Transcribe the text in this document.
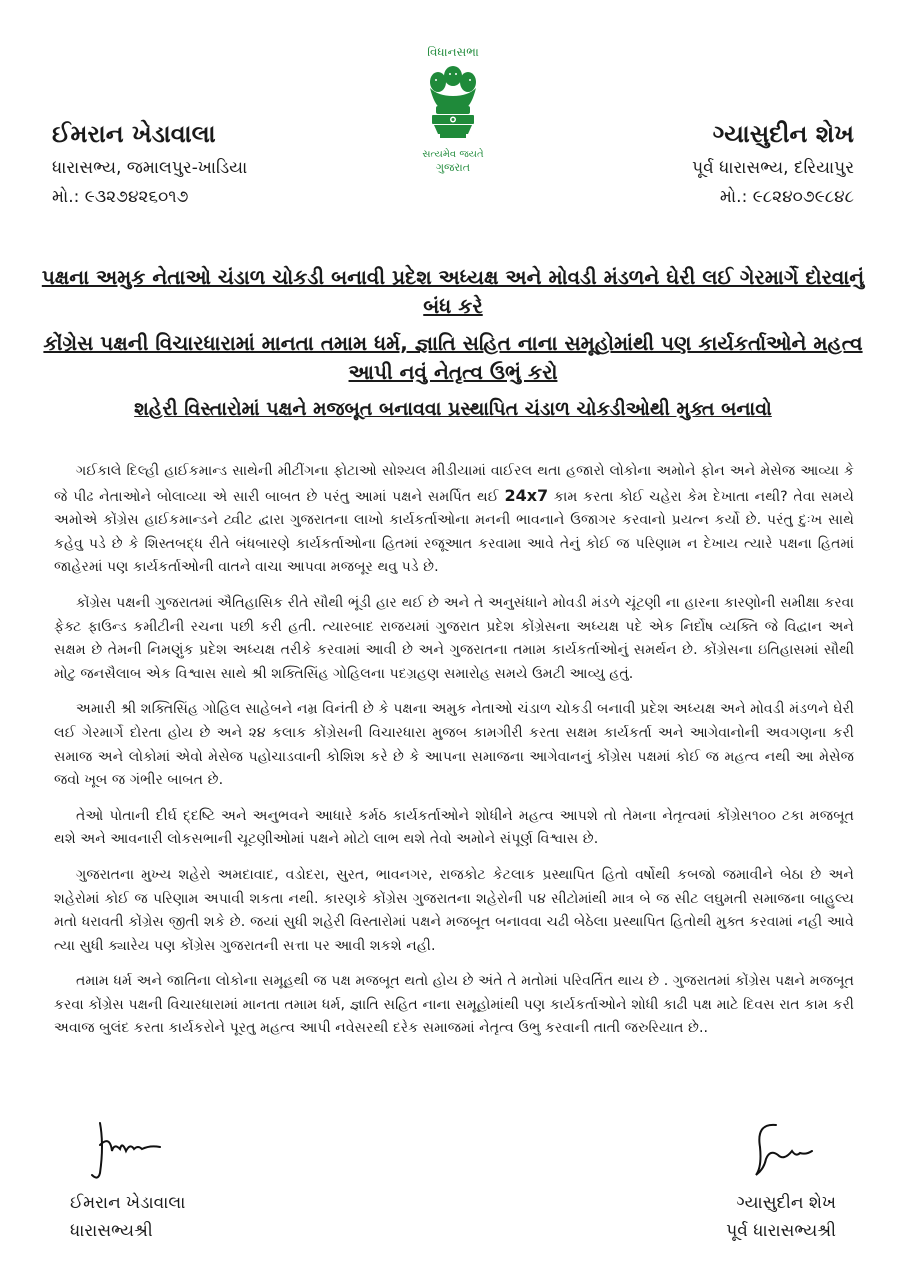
ઈમરાન ખેડાવાલા
ધારાસભ્ય, જમાલપુર-ખાડિયા
મો.: ૯૩૨૭૪૨૬૦૧૭
વિધાનસભા
સત્યમેવ જયતે
ગુજરાત
ગ્યાસુદીન શેખ
પૂર્વ ધારાસભ્ય, દરિયાપુર
મો.: ૯૮૨૪૦૭૯૮૪૮
પક્ષના અમુક નેતાઓ ચંડાળ ચોકડી બનાવી પ્રદેશ અધ્યક્ષ અને મોવડી મંડળને ઘેરી લઈ ગેરમાર્ગે દોરવાનું બંધ કરે
કોંગ્રેસ પક્ષની વિચારધારામાં માનતા તમામ ધર્મ, જ્ઞાતિ સહિત નાના સમૂહોમાંથી પણ કાર્યકર્તાઓને મહત્વ આપી નવું નેતૃત્વ ઉભું કરો
શહેરી વિસ્તારોમાં પક્ષને મજબૂત બનાવવા પ્રસ્થાપિત ચંડાળ ચોકડીઓથી મુક્ત બનાવો

ગઈકાલે દિલ્હી હાઈકમાન્ડ સાથેની મીટીંગના ફોટાઓ સોશ્યલ મીડીયામાં વાઈરલ થતા હજારો લોકોના અમોને ફોન અને મેસેજ આવ્યા કે જે પીઢ નેતાઓને બોલાવ્યા એ સારી બાબત છે પરંતુ આમાં પક્ષને સમર્પિત થઈ 24x7 કામ કરતા કોઈ ચહેરા કેમ દેખાતા નથી? તેવા સમયે અમોએ કોંગ્રેસ હાઈકમાન્ડને ટ્વીટ દ્વારા ગુજરાતના લાખો કાર્યકર્તાઓના મનની ભાવનાને ઉજાગર કરવાનો પ્રયત્ન કર્યો છે. પરંતુ દુઃખ સાથે કહેવુ પડે છે કે શિસ્તબદ્ધ રીતે બંધબારણે કાર્યકર્તાઓના હિતમાં રજૂઆત કરવામા આવે તેનું કોઈ જ પરિણામ ન દેખાય ત્યારે પક્ષના હિતમાં જાહેરમાં પણ કાર્યકર્તાઓની વાતને વાચા આપવા મજબૂર થવુ પડે છે.

કોંગ્રેસ પક્ષની ગુજરાતમાં ઐતિહાસિક રીતે સૌથી ભૂંડી હાર થઈ છે અને તે અનુસંધાને મોવડી મંડળે ચૂંટણી ના હારના કારણોની સમીક્ષા કરવા ફેક્ટ ફાઉન્ડ કમીટીની રચના પછી કરી હતી. ત્યારબાદ રાજયમાં ગુજરાત પ્રદેશ કોંગ્રેસના અધ્યક્ષ પદે એક નિર્દોષ વ્યક્તિ જે વિદ્વાન અને સક્ષમ છે તેમની નિમણુંક પ્રદેશ અધ્યક્ષ તરીકે કરવામાં આવી છે અને ગુજરાતના તમામ કાર્યકર્તાઓનું સમર્થન છે. કોંગ્રેસના ઇતિહાસમાં સૌથી મોટુ જનસૈલાબ એક વિશ્વાસ સાથે શ્રી શક્તિસિંહ ગોહિલના પદગ્રહણ સમારોહ સમયે ઉમટી આવ્યુ હતું.

અમારી શ્રી શક્તિસિંહ ગોહિલ સાહેબને નમ્ર વિનંતી છે કે પક્ષના અમુક નેતાઓ ચંડાળ ચોકડી બનાવી પ્રદેશ અધ્યક્ષ અને મોવડી મંડળને ઘેરી લઈ ગેરમાર્ગે દોરતા હોય છે અને ૨૪ કલાક કોંગ્રેસની વિચારધારા મુજબ કામગીરી કરતા સક્ષમ કાર્યકર્તા અને આગેવાનોની અવગણના કરી સમાજ અને લોકોમાં એવો મેસેજ પહોચાડવાની કોશિશ કરે છે કે આપના સમાજના આગેવાનનું કોંગ્રેસ પક્ષમાં કોઈ જ મહત્વ નથી આ મેસેજ જવો ખૂબ જ ગંભીર બાબત છે.

તેઓ પોતાની દીર્ઘ દ્દષ્ટિ અને અનુભવને આધારે કર્મઠ કાર્યકર્તાઓને શોધીને મહત્વ આપશે તો તેમના નેતૃત્વમાં કોંગ્રેસ૧૦૦ ટકા મજબૂત થશે અને આવનારી લોકસભાની ચૂટણીઓમાં પક્ષને મોટો લાભ થશે તેવો અમોને સંપૂર્ણ વિશ્વાસ છે.

ગુજરાતના મુખ્ય શહેરો અમદાવાદ, વડોદરા, સુરત, ભાવનગર, રાજકોટ કેટલાક પ્રસ્થાપિત હિતો વર્ષોથી કબજો જમાવીને બેઠા છે અને શહેરોમાં કોઈ જ પરિણામ અપાવી શકતા નથી. કારણકે કોંગ્રેસ ગુજરાતના શહેરોની ૫૪ સીટોમાંથી માત્ર બે જ સીટ લઘુમતી સમાજના બાહુલ્ય મતો ધરાવતી કોંગ્રેસ જીતી શકે છે. જયાં સુધી શહેરી વિસ્તારોમાં પક્ષને મજબૂત બનાવવા ચઢી બેઠેલા પ્રસ્થાપિત હિતોથી મુક્ત કરવામાં નહી આવે ત્યા સુધી ક્યારેય પણ કોંગ્રેસ ગુજરાતની સત્તા પર આવી શકશે નહી.

તમામ ધર્મ અને જાતિના લોકોના સમૂહથી જ પક્ષ મજબૂત થતો હોય છે અંતે તે મતોમાં પરિવર્તિત થાય છે . ગુજરાતમાં કોંગ્રેસ પક્ષને મજબૂત કરવા કોંગ્રેસ પક્ષની વિચારધારામાં માનતા તમામ ધર્મ, જ્ઞાતિ સહિત નાના સમૂહોમાંથી પણ કાર્યકર્તાઓને શોધી કાઢી પક્ષ માટે દિવસ રાત કામ કરી અવાજ બુલંદ કરતા કાર્યકરોને પૂરતુ મહત્વ આપી નવેસરથી દરેક સમાજમાં નેતૃત્વ ઉભુ કરવાની તાતી જરુરિયાત છે..

ઈમરાન ખેડાવાલા
ધારાસભ્યશ્રી
ગ્યાસુદીન શેખ
પૂર્વ ધારાસભ્યશ્રી
